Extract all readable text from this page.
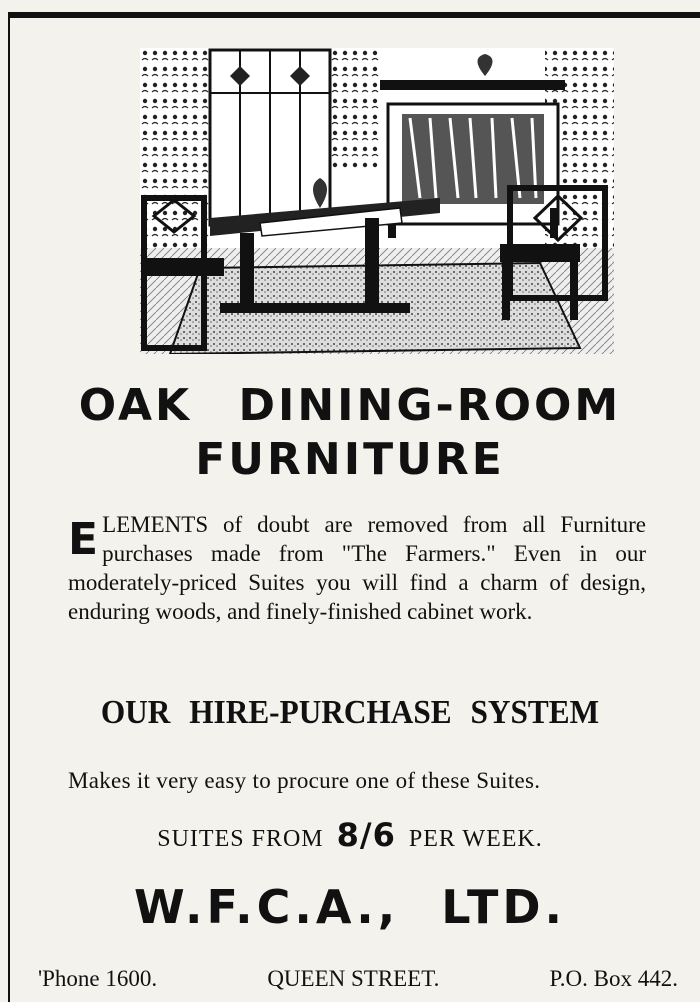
OAK DINING-ROOM
FURNITURE
E LEMENTS of doubt are removed from all Furniture purchases made from "The Farmers." Even in our moderately-priced Suites you will find a charm of design, enduring woods, and finely-finished cabinet work.
OUR HIRE-PURCHASE SYSTEM
Makes it very easy to procure one of these Suites.
SUITES FROM 8/6 PER WEEK.
W.F.C.A., LTD.
'Phone 1600.	QUEEN STREET.	P.O. Box 442.
